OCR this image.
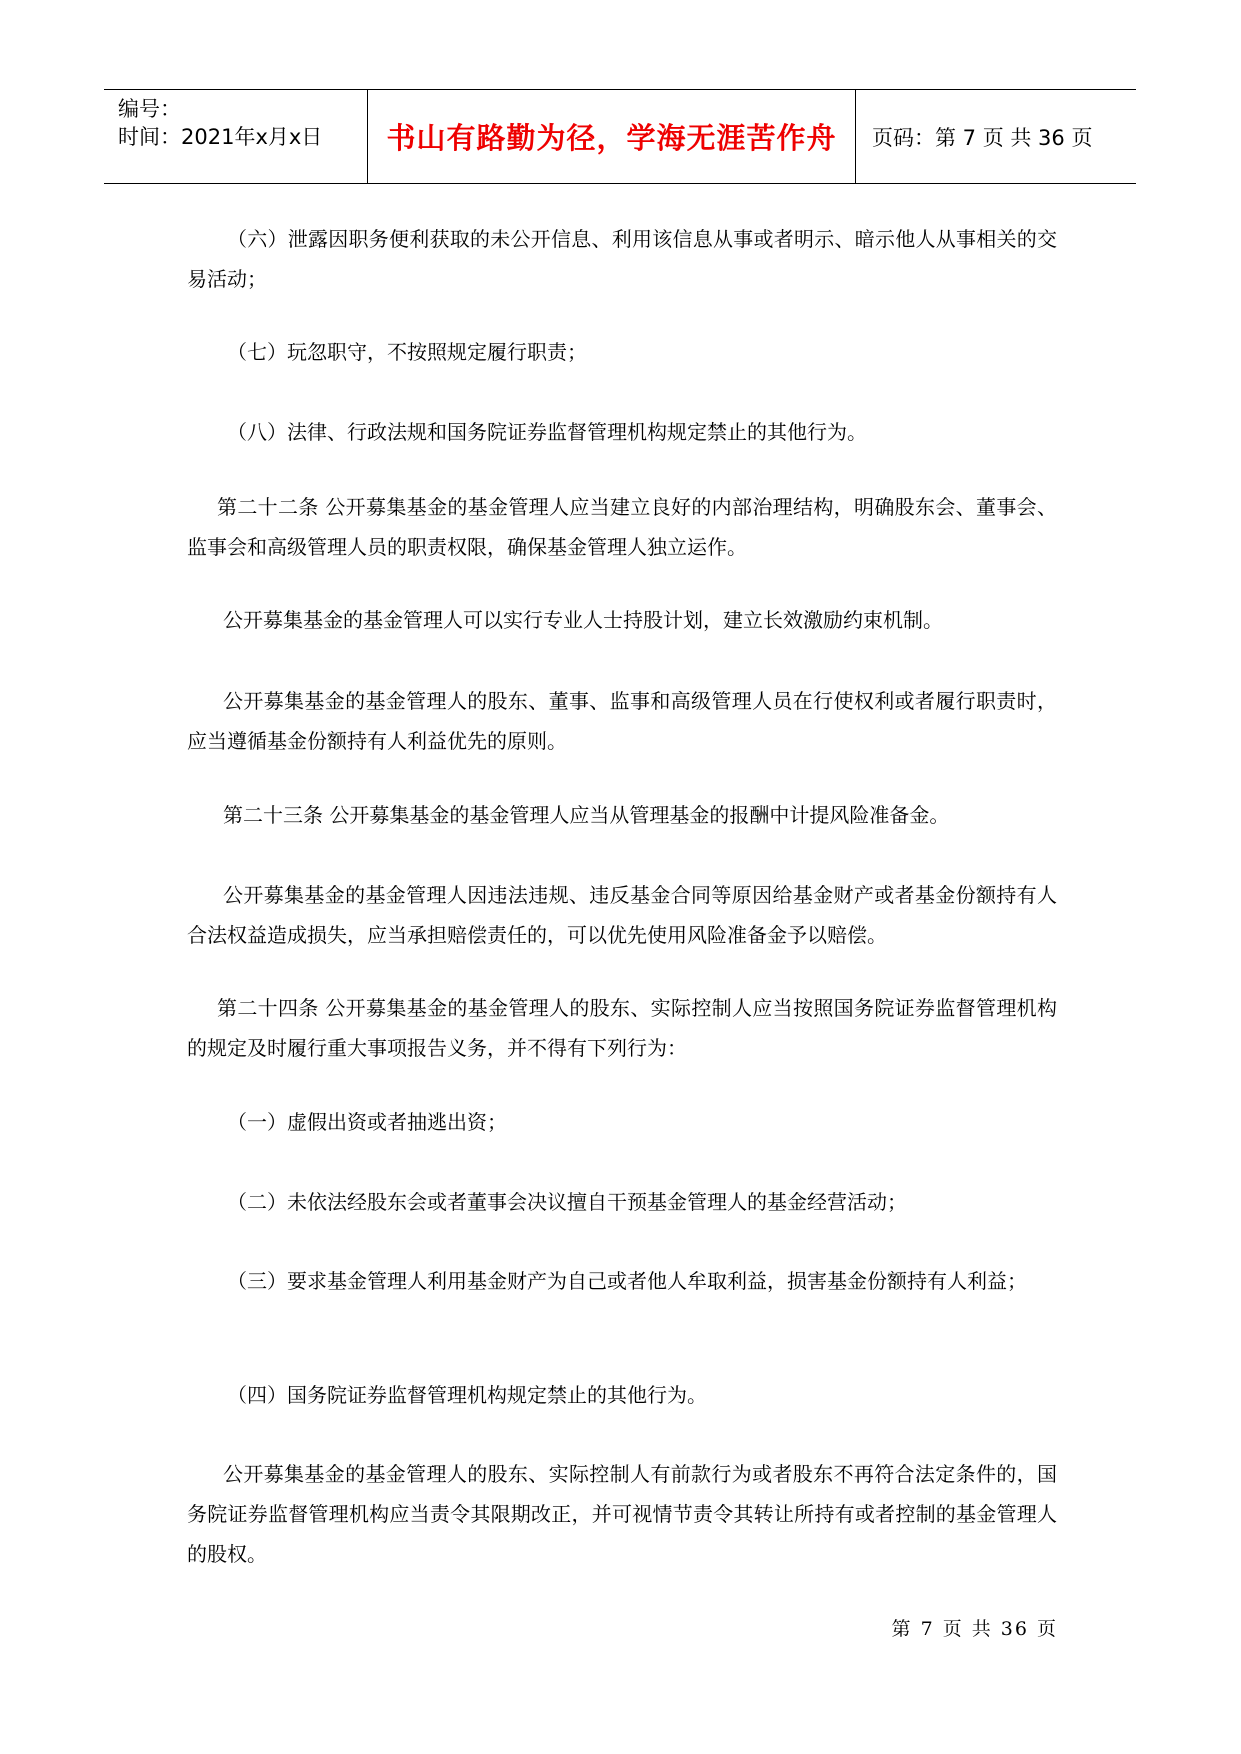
编号：
时间：2021年x月x日 书山有路勤为径，学海无涯苦作舟 页码：第 7 页 共 36 页

（六）泄露因职务便利获取的未公开信息、利用该信息从事或者明示、暗示他人从事相关的交易活动；

（七）玩忽职守，不按照规定履行职责；

（八）法律、行政法规和国务院证券监督管理机构规定禁止的其他行为。

第二十二条 公开募集基金的基金管理人应当建立良好的内部治理结构，明确股东会、董事会、监事会和高级管理人员的职责权限，确保基金管理人独立运作。

公开募集基金的基金管理人可以实行专业人士持股计划，建立长效激励约束机制。

公开募集基金的基金管理人的股东、董事、监事和高级管理人员在行使权利或者履行职责时，应当遵循基金份额持有人利益优先的原则。

第二十三条 公开募集基金的基金管理人应当从管理基金的报酬中计提风险准备金。

公开募集基金的基金管理人因违法违规、违反基金合同等原因给基金财产或者基金份额持有人合法权益造成损失，应当承担赔偿责任的，可以优先使用风险准备金予以赔偿。

第二十四条 公开募集基金的基金管理人的股东、实际控制人应当按照国务院证券监督管理机构的规定及时履行重大事项报告义务，并不得有下列行为：

（一）虚假出资或者抽逃出资；

（二）未依法经股东会或者董事会决议擅自干预基金管理人的基金经营活动；

（三）要求基金管理人利用基金财产为自己或者他人牟取利益，损害基金份额持有人利益；

（四）国务院证券监督管理机构规定禁止的其他行为。

公开募集基金的基金管理人的股东、实际控制人有前款行为或者股东不再符合法定条件的，国务院证券监督管理机构应当责令其限期改正，并可视情节责令其转让所持有或者控制的基金管理人的股权。

第 7 页 共 36 页
